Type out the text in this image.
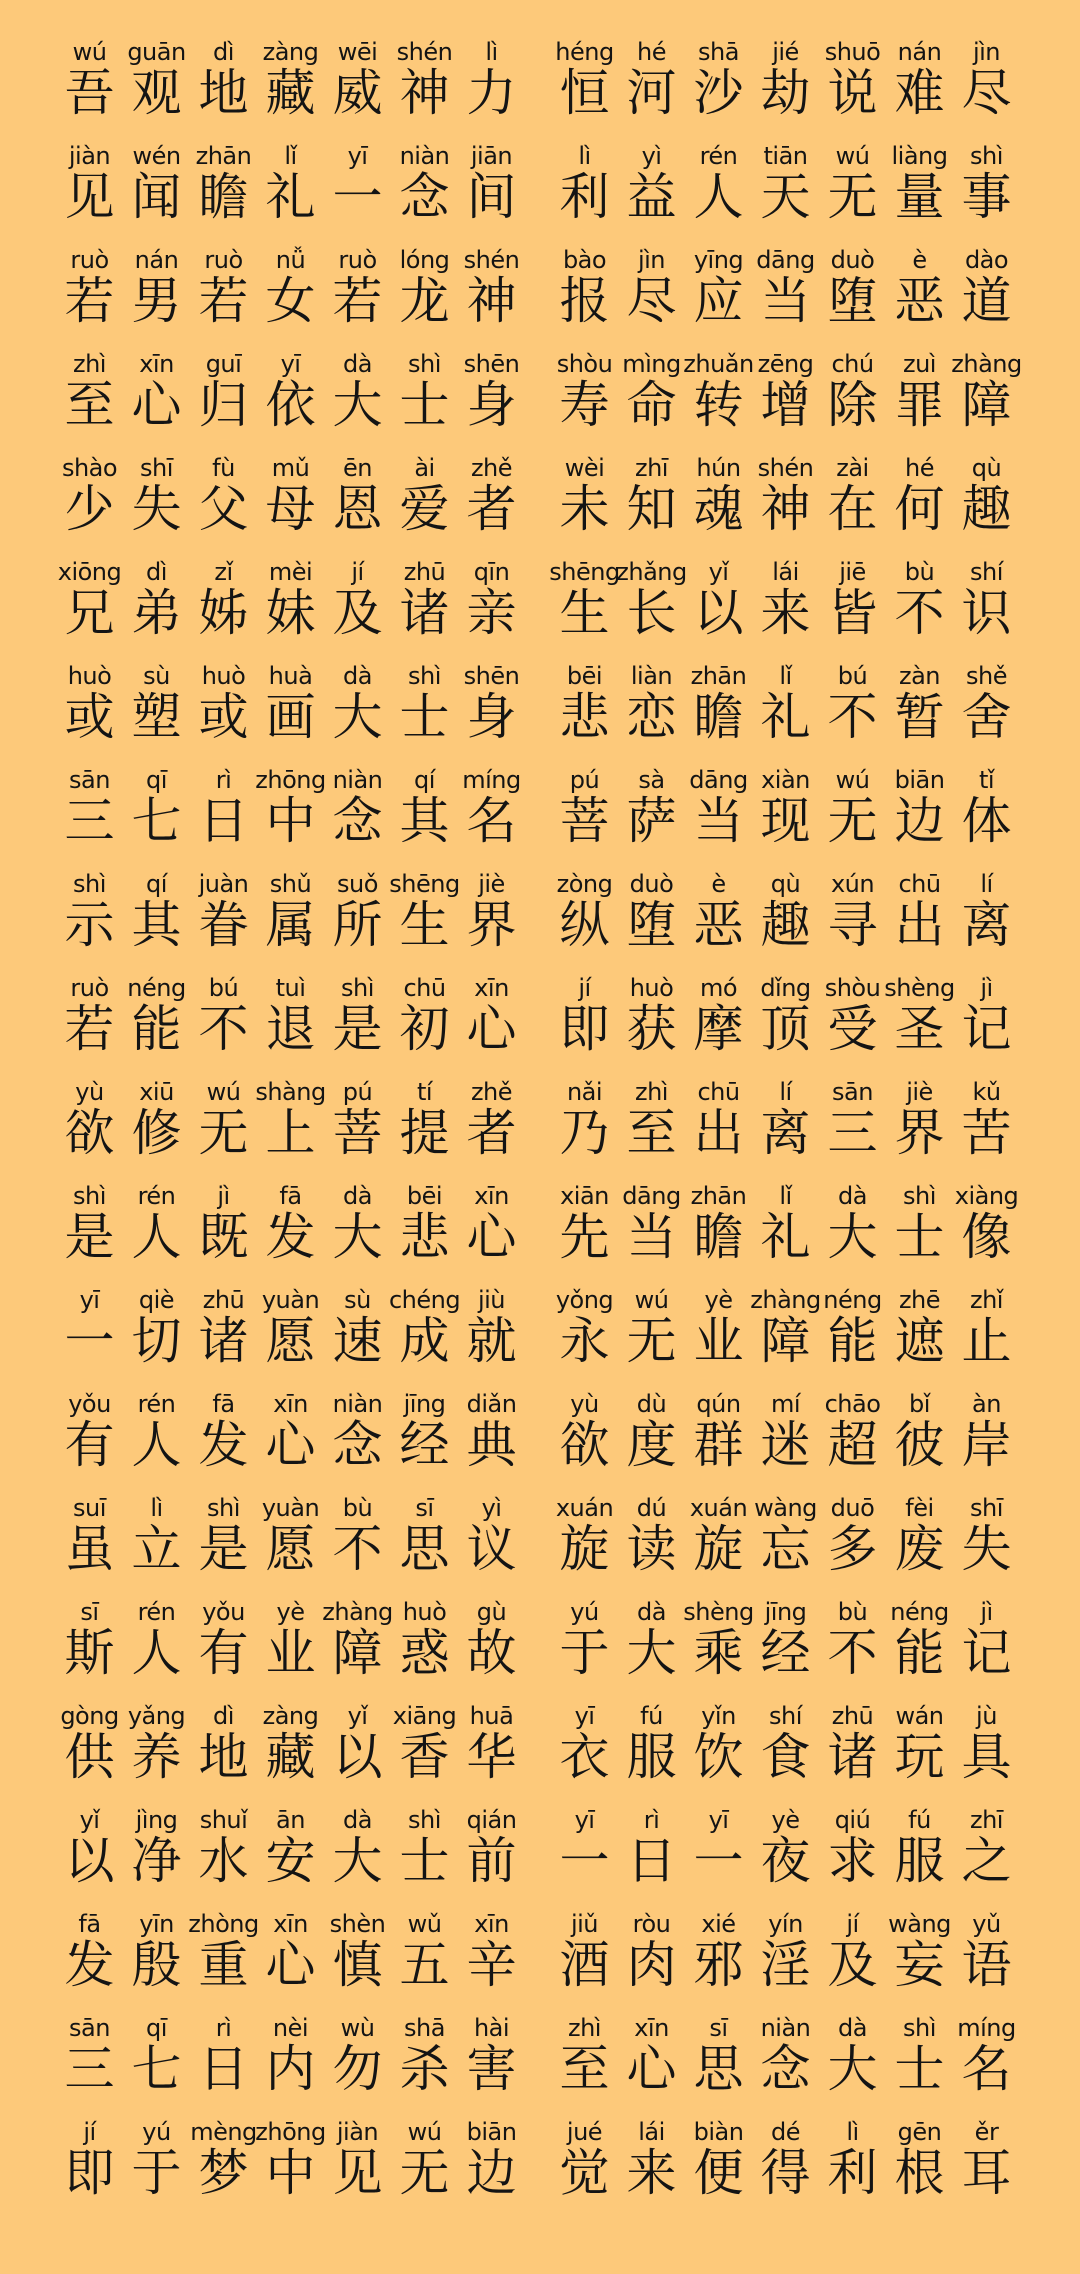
wú
吾
guān
观
dì
地
zàng
藏
wēi
威
shén
神
lì
力
héng
恒
hé
河
shā
沙
jié
劫
shuō
说
nán
难
jìn
尽
jiàn
见
wén
闻
zhān
瞻
lǐ
礼
yī
一
niàn
念
jiān
间
lì
利
yì
益
rén
人
tiān
天
wú
无
liàng
量
shì
事
ruò
若
nán
男
ruò
若
nǚ
女
ruò
若
lóng
龙
shén
神
bào
报
jìn
尽
yīng
应
dāng
当
duò
堕
è
恶
dào
道
zhì
至
xīn
心
guī
归
yī
依
dà
大
shì
士
shēn
身
shòu
寿
mìng
命
zhuǎn
转
zēng
增
chú
除
zuì
罪
zhàng
障
shào
少
shī
失
fù
父
mǔ
母
ēn
恩
ài
爱
zhě
者
wèi
未
zhī
知
hún
魂
shén
神
zài
在
hé
何
qù
趣
xiōng
兄
dì
弟
zǐ
姊
mèi
妹
jí
及
zhū
诸
qīn
亲
shēng
生
zhǎng
长
yǐ
以
lái
来
jiē
皆
bù
不
shí
识
huò
或
sù
塑
huò
或
huà
画
dà
大
shì
士
shēn
身
bēi
悲
liàn
恋
zhān
瞻
lǐ
礼
bú
不
zàn
暂
shě
舍
sān
三
qī
七
rì
日
zhōng
中
niàn
念
qí
其
míng
名
pú
菩
sà
萨
dāng
当
xiàn
现
wú
无
biān
边
tǐ
体
shì
示
qí
其
juàn
眷
shǔ
属
suǒ
所
shēng
生
jiè
界
zòng
纵
duò
堕
è
恶
qù
趣
xún
寻
chū
出
lí
离
ruò
若
néng
能
bú
不
tuì
退
shì
是
chū
初
xīn
心
jí
即
huò
获
mó
摩
dǐng
顶
shòu
受
shèng
圣
jì
记
yù
欲
xiū
修
wú
无
shàng
上
pú
菩
tí
提
zhě
者
nǎi
乃
zhì
至
chū
出
lí
离
sān
三
jiè
界
kǔ
苦
shì
是
rén
人
jì
既
fā
发
dà
大
bēi
悲
xīn
心
xiān
先
dāng
当
zhān
瞻
lǐ
礼
dà
大
shì
士
xiàng
像
yī
一
qiè
切
zhū
诸
yuàn
愿
sù
速
chéng
成
jiù
就
yǒng
永
wú
无
yè
业
zhàng
障
néng
能
zhē
遮
zhǐ
止
yǒu
有
rén
人
fā
发
xīn
心
niàn
念
jīng
经
diǎn
典
yù
欲
dù
度
qún
群
mí
迷
chāo
超
bǐ
彼
àn
岸
suī
虽
lì
立
shì
是
yuàn
愿
bù
不
sī
思
yì
议
xuán
旋
dú
读
xuán
旋
wàng
忘
duō
多
fèi
废
shī
失
sī
斯
rén
人
yǒu
有
yè
业
zhàng
障
huò
惑
gù
故
yú
于
dà
大
shèng
乘
jīng
经
bù
不
néng
能
jì
记
gòng
供
yǎng
养
dì
地
zàng
藏
yǐ
以
xiāng
香
huā
华
yī
衣
fú
服
yǐn
饮
shí
食
zhū
诸
wán
玩
jù
具
yǐ
以
jìng
净
shuǐ
水
ān
安
dà
大
shì
士
qián
前
yī
一
rì
日
yī
一
yè
夜
qiú
求
fú
服
zhī
之
fā
发
yīn
殷
zhòng
重
xīn
心
shèn
慎
wǔ
五
xīn
辛
jiǔ
酒
ròu
肉
xié
邪
yín
淫
jí
及
wàng
妄
yǔ
语
sān
三
qī
七
rì
日
nèi
内
wù
勿
shā
杀
hài
害
zhì
至
xīn
心
sī
思
niàn
念
dà
大
shì
士
míng
名
jí
即
yú
于
mèng
梦
zhōng
中
jiàn
见
wú
无
biān
边
jué
觉
lái
来
biàn
便
dé
得
lì
利
gēn
根
ěr
耳
